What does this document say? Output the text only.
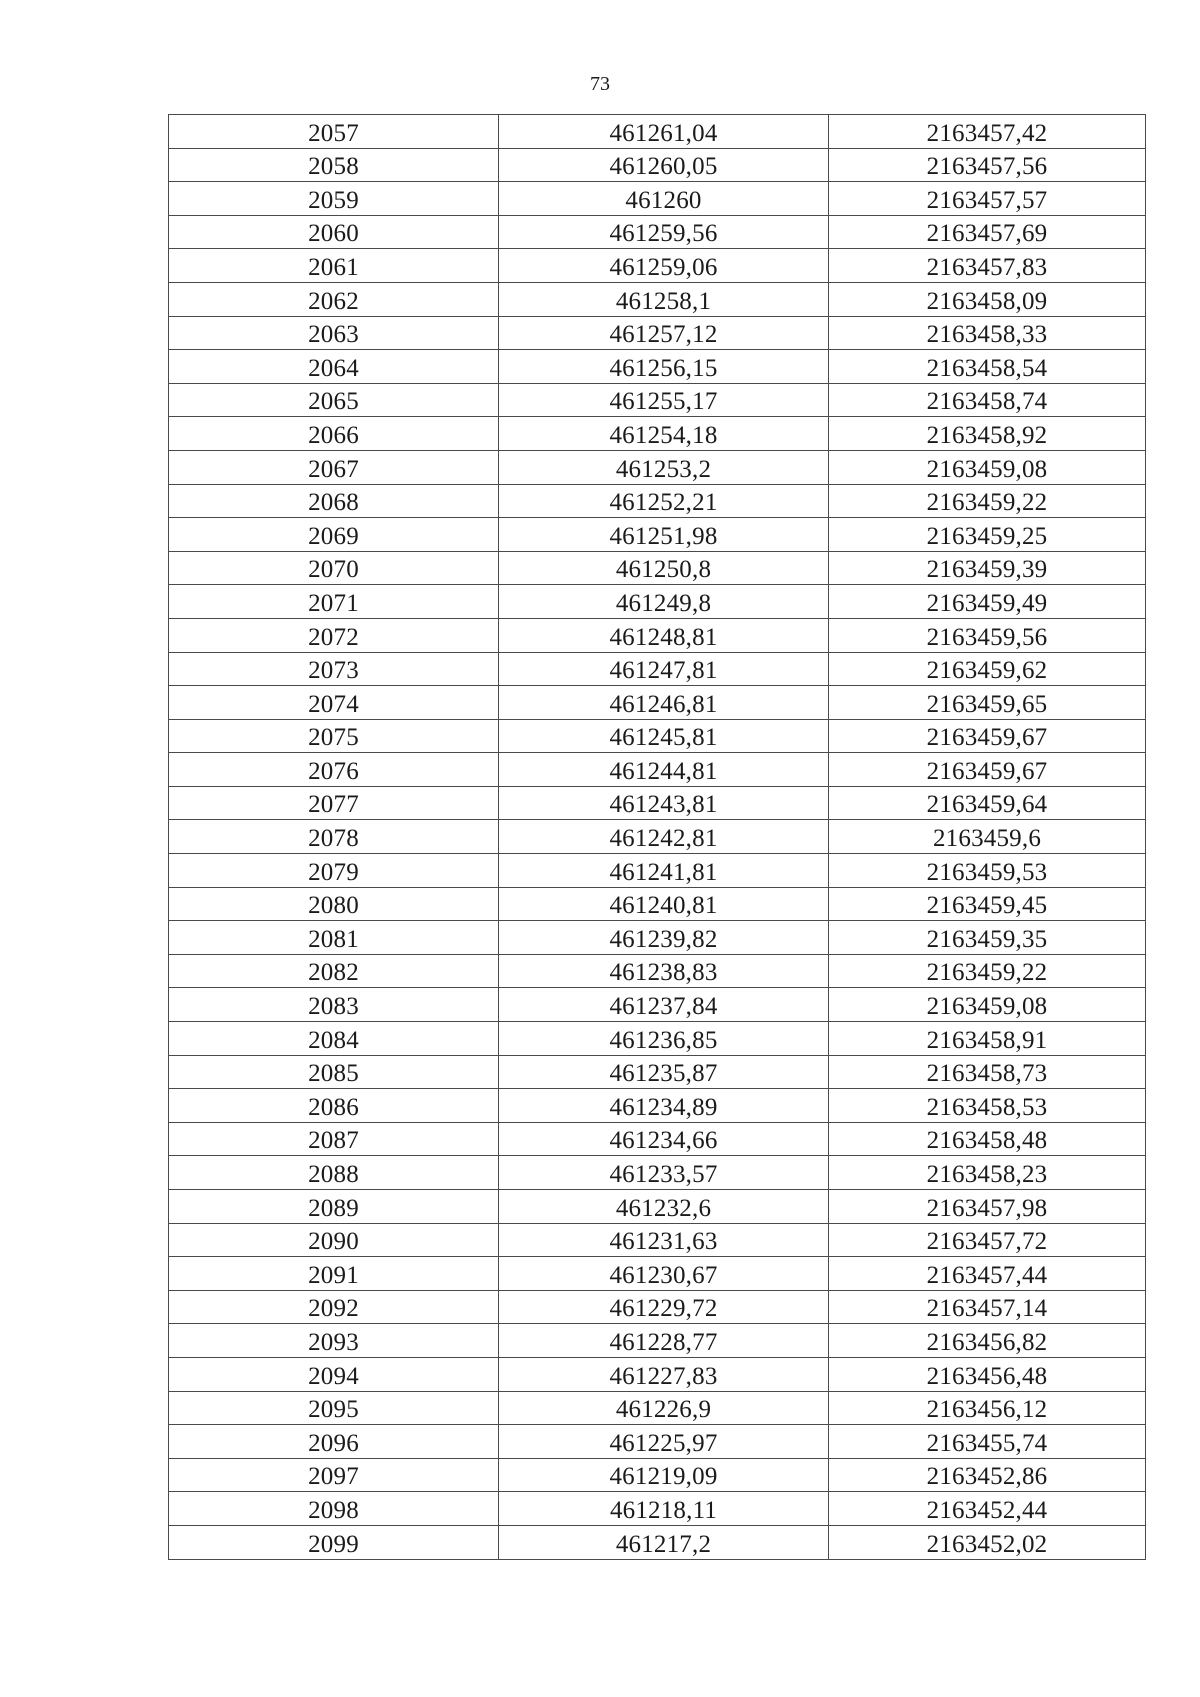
73
2057	461261,04	2163457,42
2058	461260,05	2163457,56
2059	461260	2163457,57
2060	461259,56	2163457,69
2061	461259,06	2163457,83
2062	461258,1	2163458,09
2063	461257,12	2163458,33
2064	461256,15	2163458,54
2065	461255,17	2163458,74
2066	461254,18	2163458,92
2067	461253,2	2163459,08
2068	461252,21	2163459,22
2069	461251,98	2163459,25
2070	461250,8	2163459,39
2071	461249,8	2163459,49
2072	461248,81	2163459,56
2073	461247,81	2163459,62
2074	461246,81	2163459,65
2075	461245,81	2163459,67
2076	461244,81	2163459,67
2077	461243,81	2163459,64
2078	461242,81	2163459,6
2079	461241,81	2163459,53
2080	461240,81	2163459,45
2081	461239,82	2163459,35
2082	461238,83	2163459,22
2083	461237,84	2163459,08
2084	461236,85	2163458,91
2085	461235,87	2163458,73
2086	461234,89	2163458,53
2087	461234,66	2163458,48
2088	461233,57	2163458,23
2089	461232,6	2163457,98
2090	461231,63	2163457,72
2091	461230,67	2163457,44
2092	461229,72	2163457,14
2093	461228,77	2163456,82
2094	461227,83	2163456,48
2095	461226,9	2163456,12
2096	461225,97	2163455,74
2097	461219,09	2163452,86
2098	461218,11	2163452,44
2099	461217,2	2163452,02
